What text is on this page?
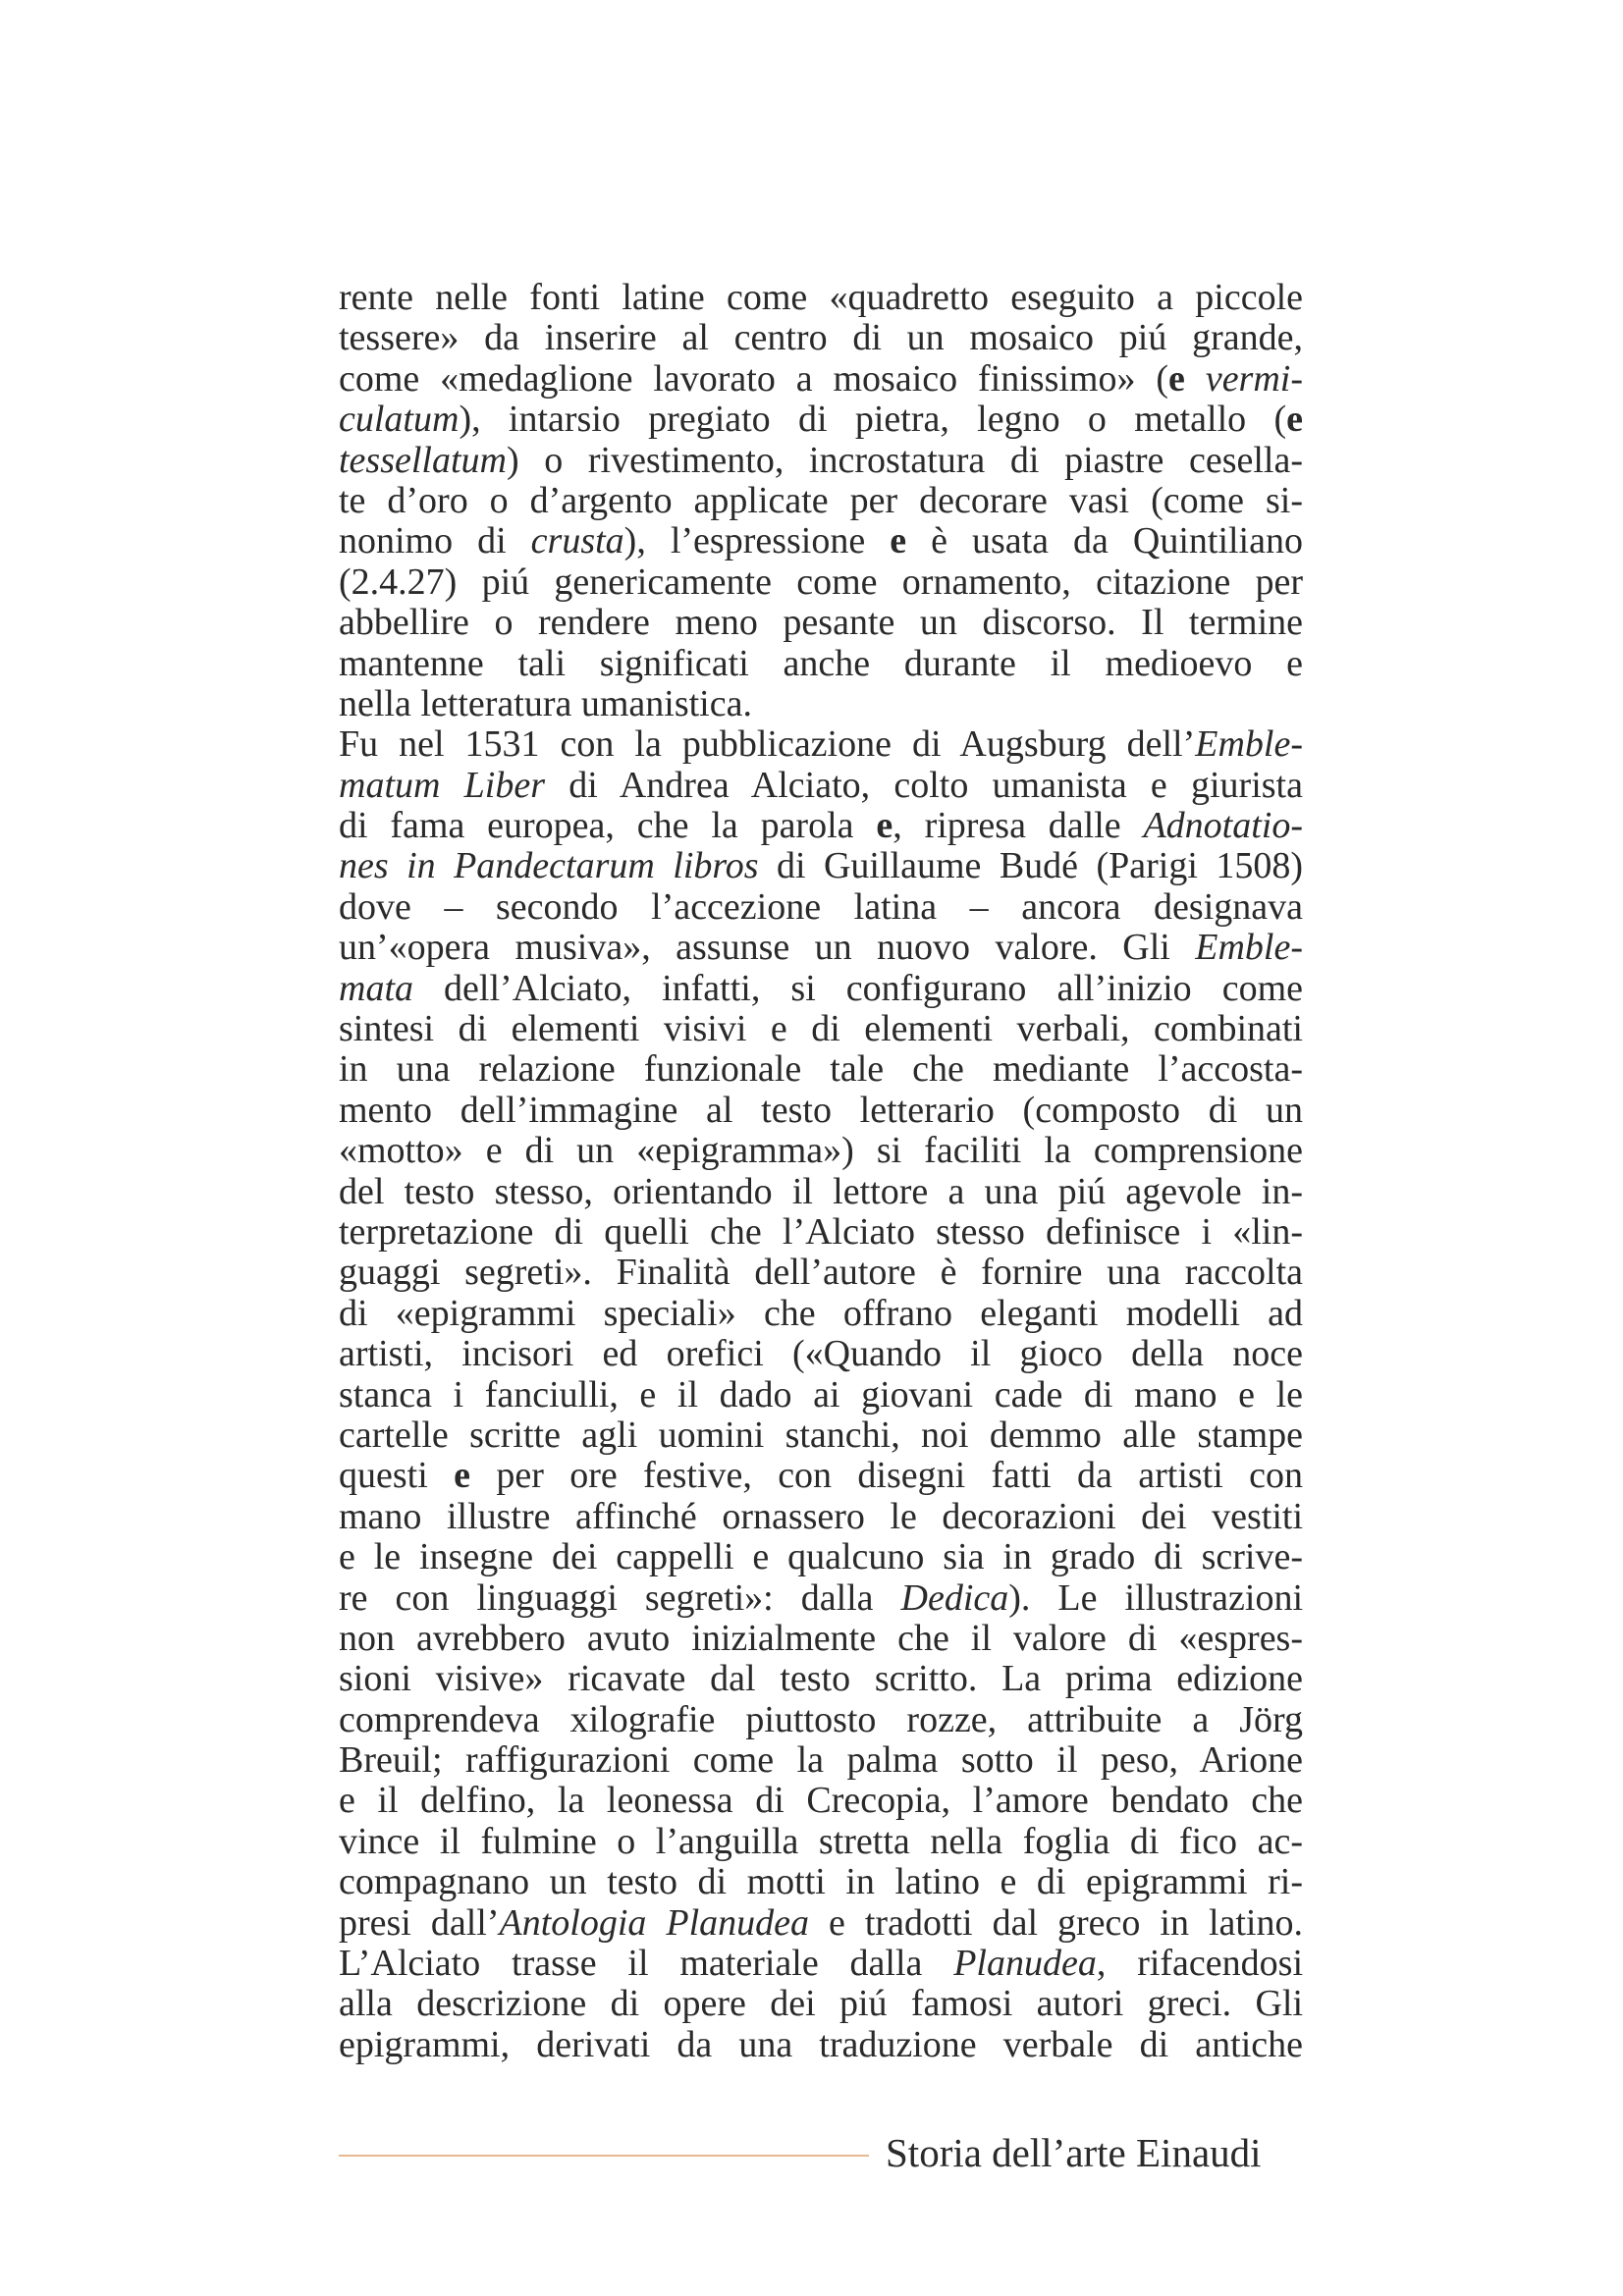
rente nelle fonti latine come «quadretto eseguito a piccole
tessere» da inserire al centro di un mosaico piú grande,
come «medaglione lavorato a mosaico finissimo» (e vermi-
culatum), intarsio pregiato di pietra, legno o metallo (e
tessellatum) o rivestimento, incrostatura di piastre cesella-
te d’oro o d’argento applicate per decorare vasi (come si-
nonimo di crusta), l’espressione e è usata da Quintiliano
(2.4.27) piú genericamente come ornamento, citazione per
abbellire o rendere meno pesante un discorso. Il termine
mantenne tali significati anche durante il medioevo e
nella letteratura umanistica.
Fu nel 1531 con la pubblicazione di Augsburg dell’Emble-
matum Liber di Andrea Alciato, colto umanista e giurista
di fama europea, che la parola e, ripresa dalle Adnotatio-
nes in Pandectarum libros di Guillaume Budé (Parigi 1508)
dove – secondo l’accezione latina – ancora designava
un’«opera musiva», assunse un nuovo valore. Gli Emble-
mata dell’Alciato, infatti, si configurano all’inizio come
sintesi di elementi visivi e di elementi verbali, combinati
in una relazione funzionale tale che mediante l’accosta-
mento dell’immagine al testo letterario (composto di un
«motto» e di un «epigramma») si faciliti la comprensione
del testo stesso, orientando il lettore a una piú agevole in-
terpretazione di quelli che l’Alciato stesso definisce i «lin-
guaggi segreti». Finalità dell’autore è fornire una raccolta
di «epigrammi speciali» che offrano eleganti modelli ad
artisti, incisori ed orefici («Quando il gioco della noce
stanca i fanciulli, e il dado ai giovani cade di mano e le
cartelle scritte agli uomini stanchi, noi demmo alle stampe
questi e per ore festive, con disegni fatti da artisti con
mano illustre affinché ornassero le decorazioni dei vestiti
e le insegne dei cappelli e qualcuno sia in grado di scrive-
re con linguaggi segreti»: dalla Dedica). Le illustrazioni
non avrebbero avuto inizialmente che il valore di «espres-
sioni visive» ricavate dal testo scritto. La prima edizione
comprendeva xilografie piuttosto rozze, attribuite a Jörg
Breuil; raffigurazioni come la palma sotto il peso, Arione
e il delfino, la leonessa di Crecopia, l’amore bendato che
vince il fulmine o l’anguilla stretta nella foglia di fico ac-
compagnano un testo di motti in latino e di epigrammi ri-
presi dall’Antologia Planudea e tradotti dal greco in latino.
L’Alciato trasse il materiale dalla Planudea, rifacendosi
alla descrizione di opere dei piú famosi autori greci. Gli
epigrammi, derivati da una traduzione verbale di antiche
Storia dell’arte Einaudi
